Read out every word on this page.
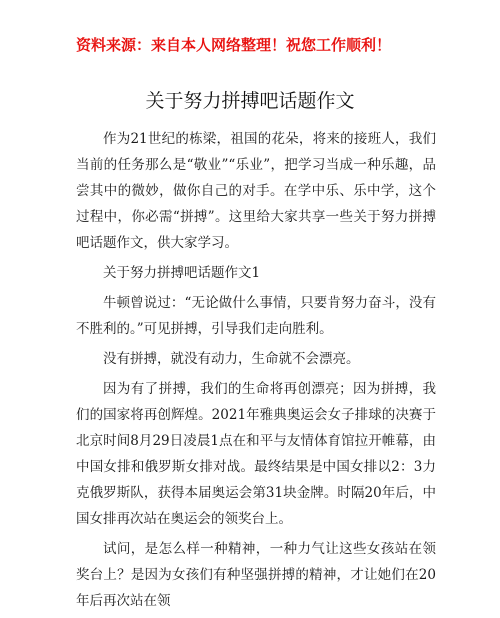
资料来源：来自本人网络整理！祝您工作顺利！
关于努力拼搏吧话题作文

作为21世纪的栋梁，祖国的花朵，将来的接班人，我们当前的任务那么是“敬业”“乐业”，把学习当成一种乐趣，品尝其中的微妙，做你自己的对手。在学中乐、乐中学，这个过程中，你必需“拼搏”。这里给大家共享一些关于努力拼搏吧话题作文，供大家学习。

关于努力拼搏吧话题作文1

牛顿曾说过：“无论做什么事情，只要肯努力奋斗，没有不胜利的。”可见拼搏，引导我们走向胜利。

没有拼搏，就没有动力，生命就不会漂亮。

因为有了拼搏，我们的生命将再创漂亮；因为拼搏，我们的国家将再创辉煌。2021年雅典奥运会女子排球的决赛于北京时间8月29日凌晨1点在和平与友情体育馆拉开帷幕，由中国女排和俄罗斯女排对战。最终结果是中国女排以2：3力克俄罗斯队，获得本届奥运会第31块金牌。时隔20年后，中国女排再次站在奥运会的领奖台上。

试问，是怎么样一种精神，一种力气让这些女孩站在领奖台上？是因为女孩们有种坚强拼搏的精神，才让她们在20年后再次站在领
